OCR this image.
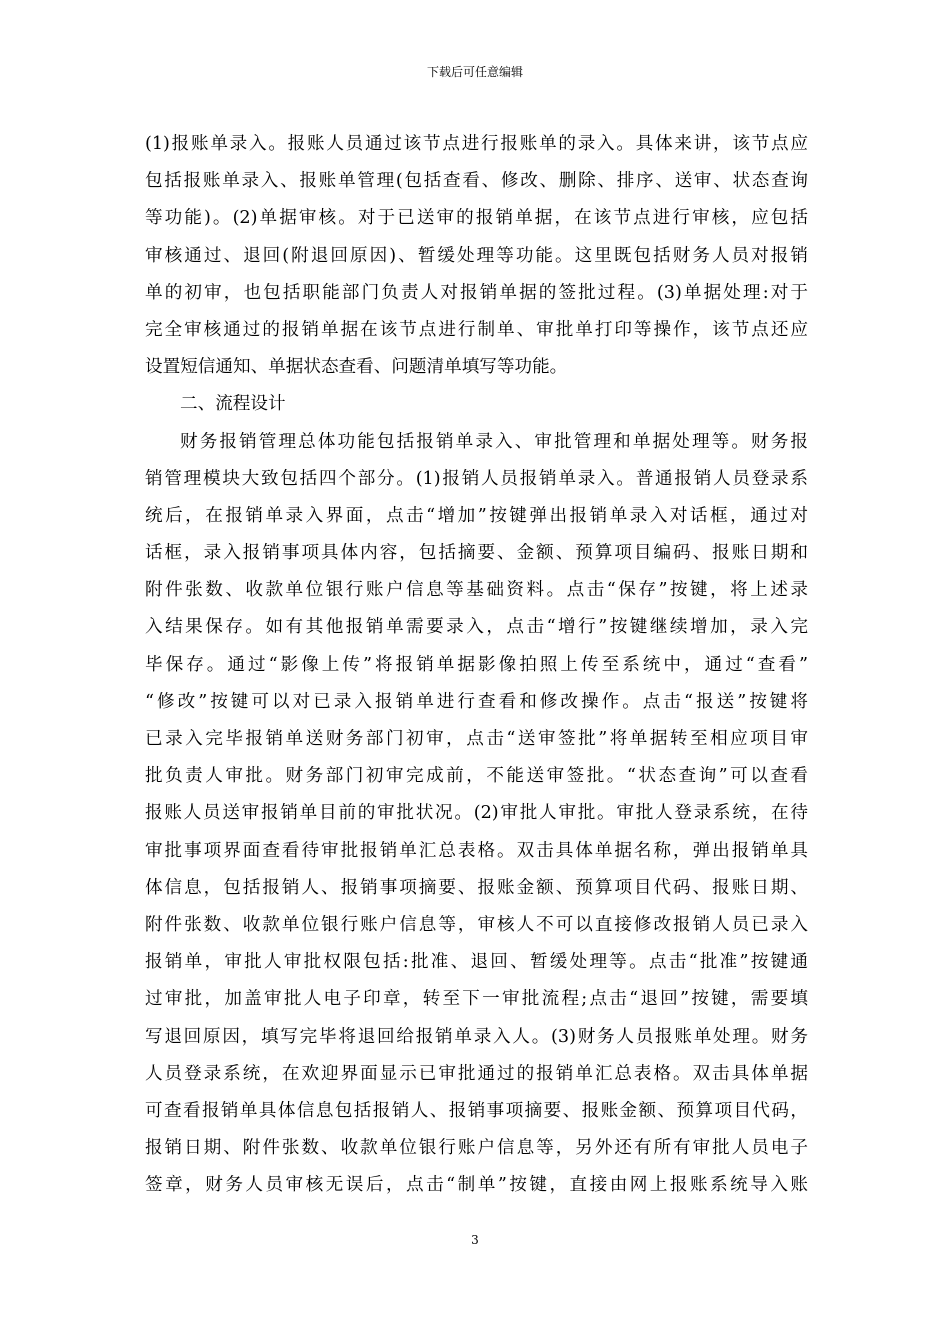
下载后可任意编辑
(1)报账单录入。报账人员通过该节点进行报账单的录入。具体来讲，该节点应
包括报账单录入、报账单管理(包括查看、修改、删除、排序、送审、状态查询
等功能)。(2)单据审核。对于已送审的报销单据，在该节点进行审核，应包括
审核通过、退回(附退回原因)、暂缓处理等功能。这里既包括财务人员对报销
单的初审，也包括职能部门负责人对报销单据的签批过程。(3)单据处理:对于
完全审核通过的报销单据在该节点进行制单、审批单打印等操作，该节点还应
设置短信通知、单据状态查看、问题清单填写等功能。
二、流程设计
财务报销管理总体功能包括报销单录入、审批管理和单据处理等。财务报
销管理模块大致包括四个部分。(1)报销人员报销单录入。普通报销人员登录系
统后，在报销单录入界面，点击“增加”按键弹出报销单录入对话框，通过对
话框，录入报销事项具体内容，包括摘要、金额、预算项目编码、报账日期和
附件张数、收款单位银行账户信息等基础资料。点击“保存”按键，将上述录
入结果保存。如有其他报销单需要录入，点击“增行”按键继续增加，录入完
毕保存。通过“影像上传”将报销单据影像拍照上传至系统中，通过“查看”
“修改”按键可以对已录入报销单进行查看和修改操作。点击“报送”按键将
已录入完毕报销单送财务部门初审，点击“送审签批”将单据转至相应项目审
批负责人审批。财务部门初审完成前，不能送审签批。“状态查询”可以查看
报账人员送审报销单目前的审批状况。(2)审批人审批。审批人登录系统，在待
审批事项界面查看待审批报销单汇总表格。双击具体单据名称，弹出报销单具
体信息，包括报销人、报销事项摘要、报账金额、预算项目代码、报账日期、
附件张数、收款单位银行账户信息等，审核人不可以直接修改报销人员已录入
报销单，审批人审批权限包括:批准、退回、暂缓处理等。点击“批准”按键通
过审批，加盖审批人电子印章，转至下一审批流程;点击“退回”按键，需要填
写退回原因，填写完毕将退回给报销单录入人。(3)财务人员报账单处理。财务
人员登录系统，在欢迎界面显示已审批通过的报销单汇总表格。双击具体单据
可查看报销单具体信息包括报销人、报销事项摘要、报账金额、预算项目代码，
报销日期、附件张数、收款单位银行账户信息等，另外还有所有审批人员电子
签章，财务人员审核无误后，点击“制单”按键，直接由网上报账系统导入账
3
